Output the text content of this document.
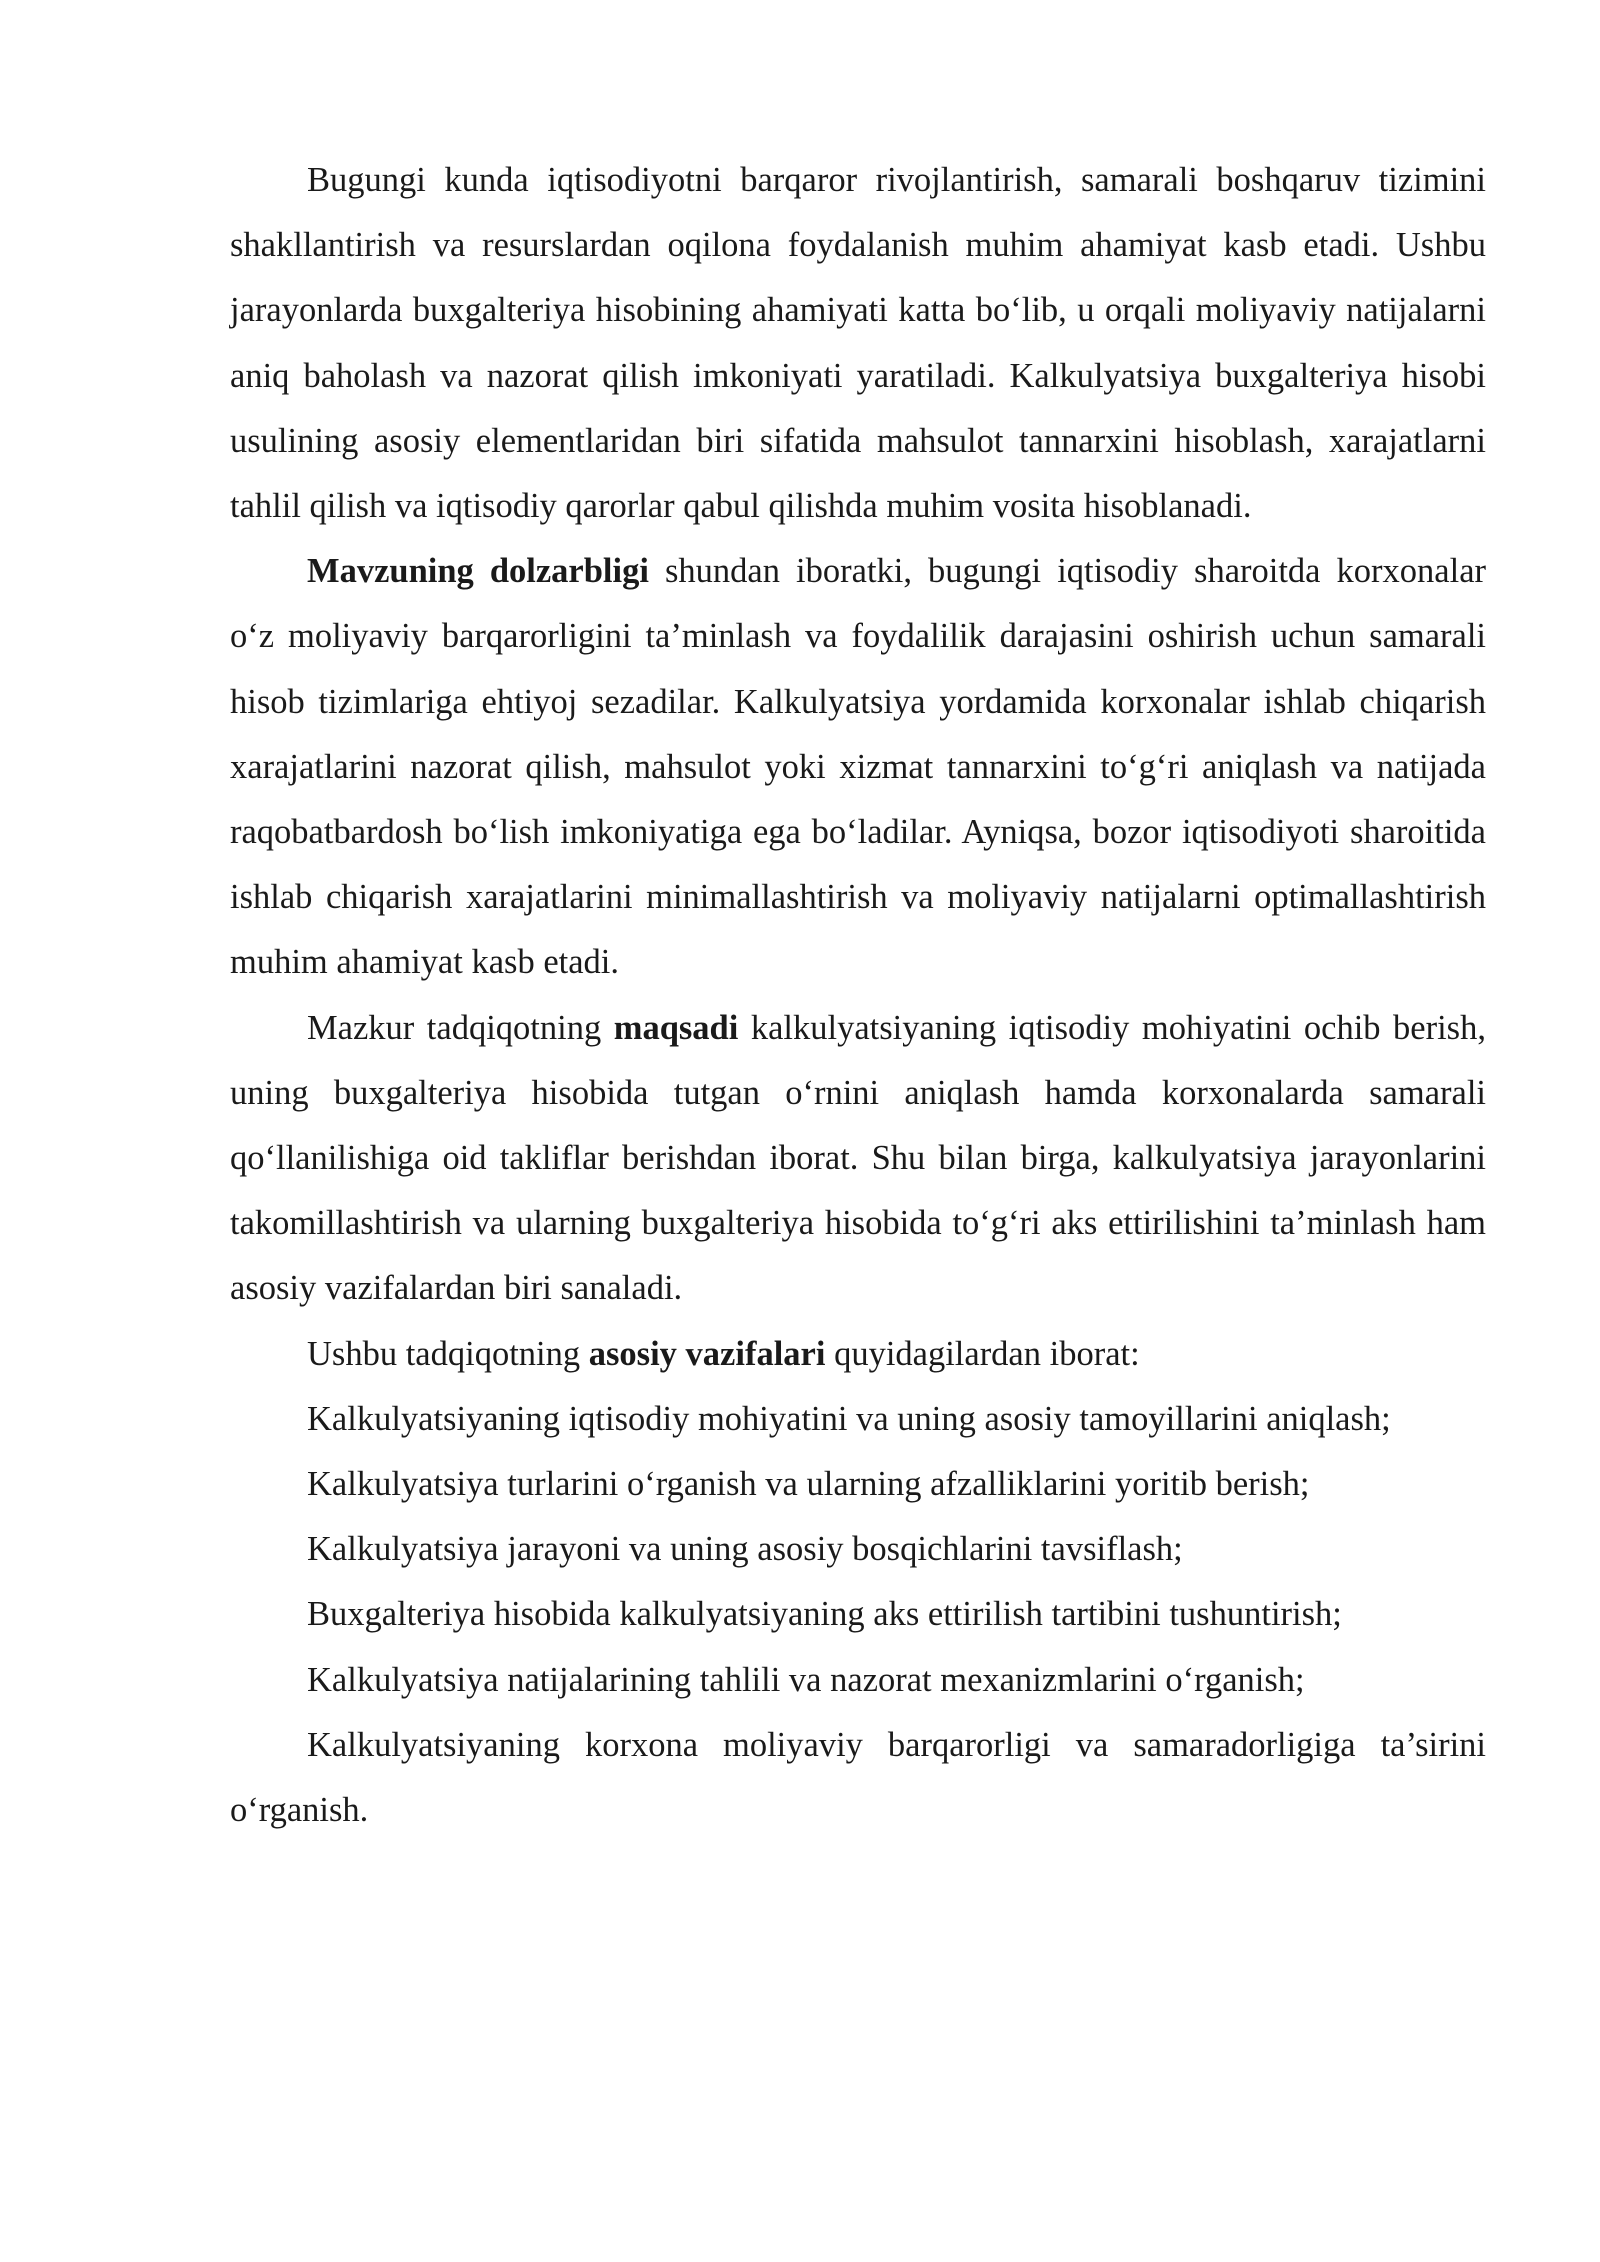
Bugungi kunda iqtisodiyotni barqaror rivojlantirish, samarali boshqaruv tizimini shakllantirish va resurslardan oqilona foydalanish muhim ahamiyat kasb etadi. Ushbu jarayonlarda buxgalteriya hisobining ahamiyati katta bo‘lib, u orqali moliyaviy natijalarni aniq baholash va nazorat qilish imkoniyati yaratiladi. Kalkulyatsiya buxgalteriya hisobi usulining asosiy elementlaridan biri sifatida mahsulot tannarxini hisoblash, xarajatlarni tahlil qilish va iqtisodiy qarorlar qabul qilishda muhim vosita hisoblanadi.

Mavzuning dolzarbligi shundan iboratki, bugungi iqtisodiy sharoitda korxonalar o‘z moliyaviy barqarorligini ta’minlash va foydalilik darajasini oshirish uchun samarali hisob tizimlariga ehtiyoj sezadilar. Kalkulyatsiya yordamida korxonalar ishlab chiqarish xarajatlarini nazorat qilish, mahsulot yoki xizmat tannarxini to‘g‘ri aniqlash va natijada raqobatbardosh bo‘lish imkoniyatiga ega bo‘ladilar. Ayniqsa, bozor iqtisodiyoti sharoitida ishlab chiqarish xarajatlarini minimallashtirish va moliyaviy natijalarni optimallashtirish muhim ahamiyat kasb etadi.

Mazkur tadqiqotning maqsadi kalkulyatsiyaning iqtisodiy mohiyatini ochib berish, uning buxgalteriya hisobida tutgan o‘rnini aniqlash hamda korxonalarda samarali qo‘llanilishiga oid takliflar berishdan iborat. Shu bilan birga, kalkulyatsiya jarayonlarini takomillashtirish va ularning buxgalteriya hisobida to‘g‘ri aks ettirilishini ta’minlash ham asosiy vazifalardan biri sanaladi.

Ushbu tadqiqotning asosiy vazifalari quyidagilardan iborat:

Kalkulyatsiyaning iqtisodiy mohiyatini va uning asosiy tamoyillarini aniqlash;

Kalkulyatsiya turlarini o‘rganish va ularning afzalliklarini yoritib berish;

Kalkulyatsiya jarayoni va uning asosiy bosqichlarini tavsiflash;

Buxgalteriya hisobida kalkulyatsiyaning aks ettirilish tartibini tushuntirish;

Kalkulyatsiya natijalarining tahlili va nazorat mexanizmlarini o‘rganish;

Kalkulyatsiyaning korxona moliyaviy barqarorligi va samaradorligiga ta’sirini o‘rganish.
